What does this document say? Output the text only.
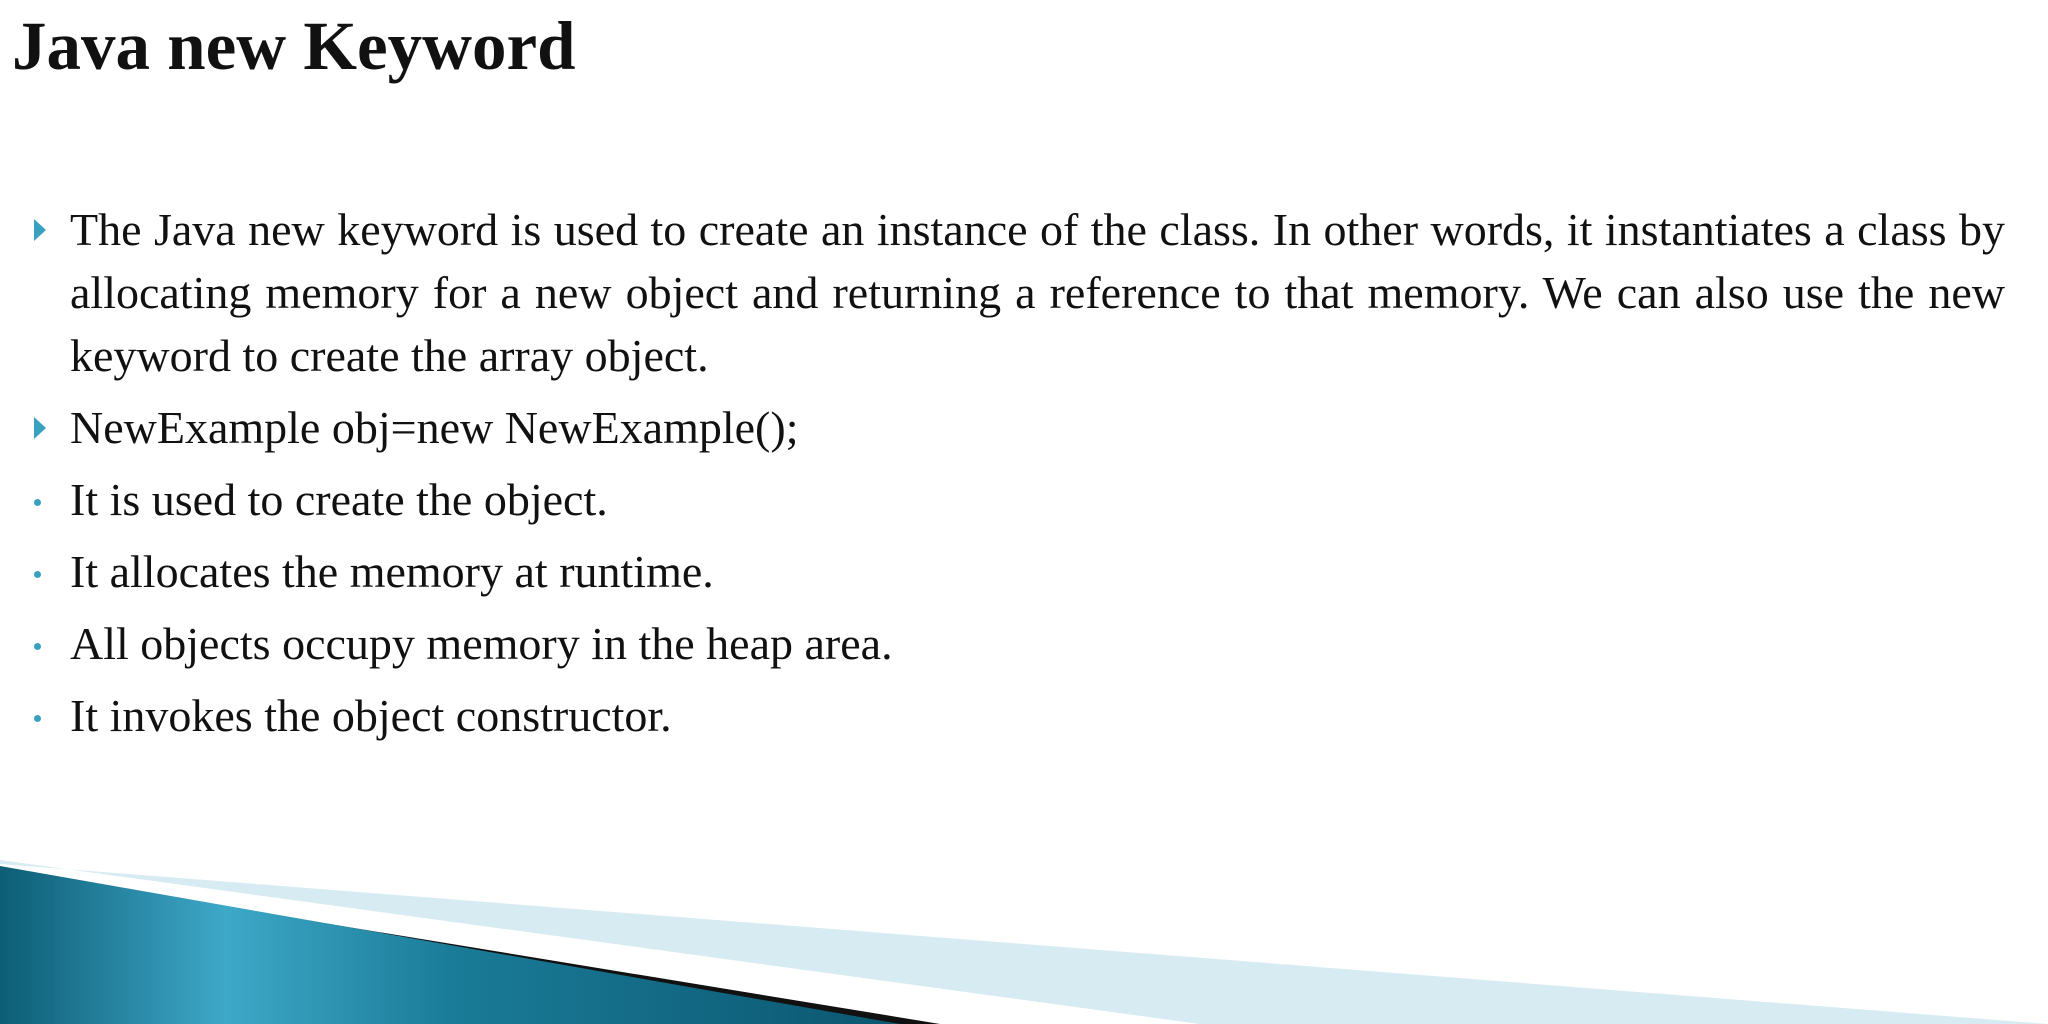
Java new Keyword
The Java new keyword is used to create an instance of the class. In other words, it instantiates a class by allocating memory for a new object and returning a reference to that memory. We can also use the new keyword to create the array object.
NewExample obj=new NewExample();
It is used to create the object.
It allocates the memory at runtime.
All objects occupy memory in the heap area.
It invokes the object constructor.
